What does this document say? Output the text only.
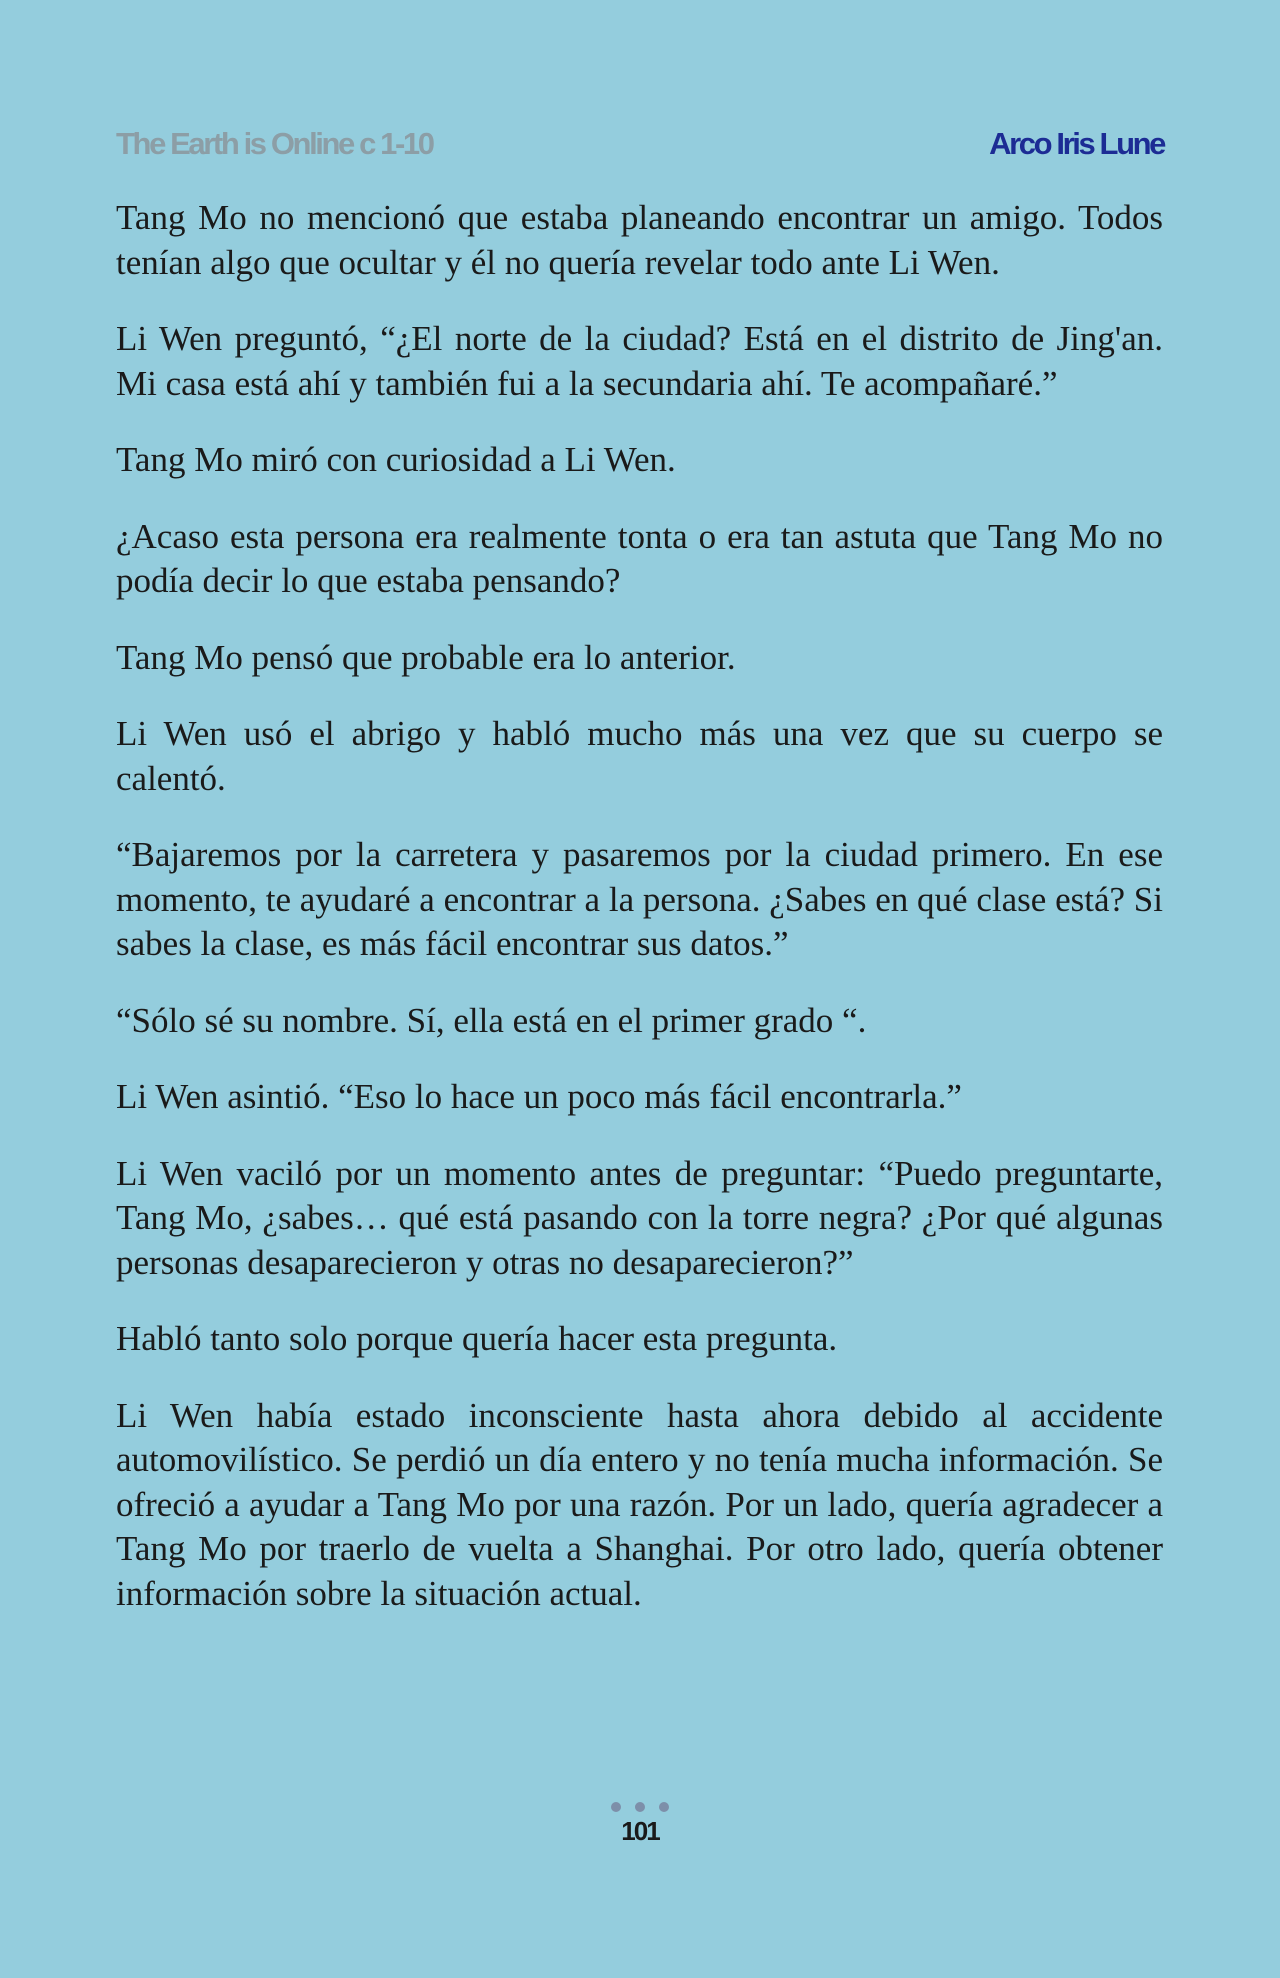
The Earth is Online c 1-10	Arco Iris Lune

Tang Mo no mencionó que estaba planeando encontrar un amigo. Todos tenían algo que ocultar y él no quería revelar todo ante Li Wen.

Li Wen preguntó, “¿El norte de la ciudad? Está en el distrito de Jing'an. Mi casa está ahí y también fui a la secundaria ahí. Te acompañaré.”

Tang Mo miró con curiosidad a Li Wen.

¿Acaso esta persona era realmente tonta o era tan astuta que Tang Mo no podía decir lo que estaba pensando?

Tang Mo pensó que probable era lo anterior.

Li Wen usó el abrigo y habló mucho más una vez que su cuerpo se calentó.

“Bajaremos por la carretera y pasaremos por la ciudad primero. En ese momento, te ayudaré a encontrar a la persona. ¿Sabes en qué clase está? Si sabes la clase, es más fácil encontrar sus datos.”

“Sólo sé su nombre. Sí, ella está en el primer grado “.

Li Wen asintió. “Eso lo hace un poco más fácil encontrarla.”

Li Wen vaciló por un momento antes de preguntar: “Puedo preguntarte, Tang Mo, ¿sabes… qué está pasando con la torre negra? ¿Por qué algunas personas desaparecieron y otras no desaparecieron?”

Habló tanto solo porque quería hacer esta pregunta.

Li Wen había estado inconsciente hasta ahora debido al accidente automovilístico. Se perdió un día entero y no tenía mucha información. Se ofreció a ayudar a Tang Mo por una razón. Por un lado, quería agradecer a Tang Mo por traerlo de vuelta a Shanghai. Por otro lado, quería obtener información sobre la situación actual.

101
